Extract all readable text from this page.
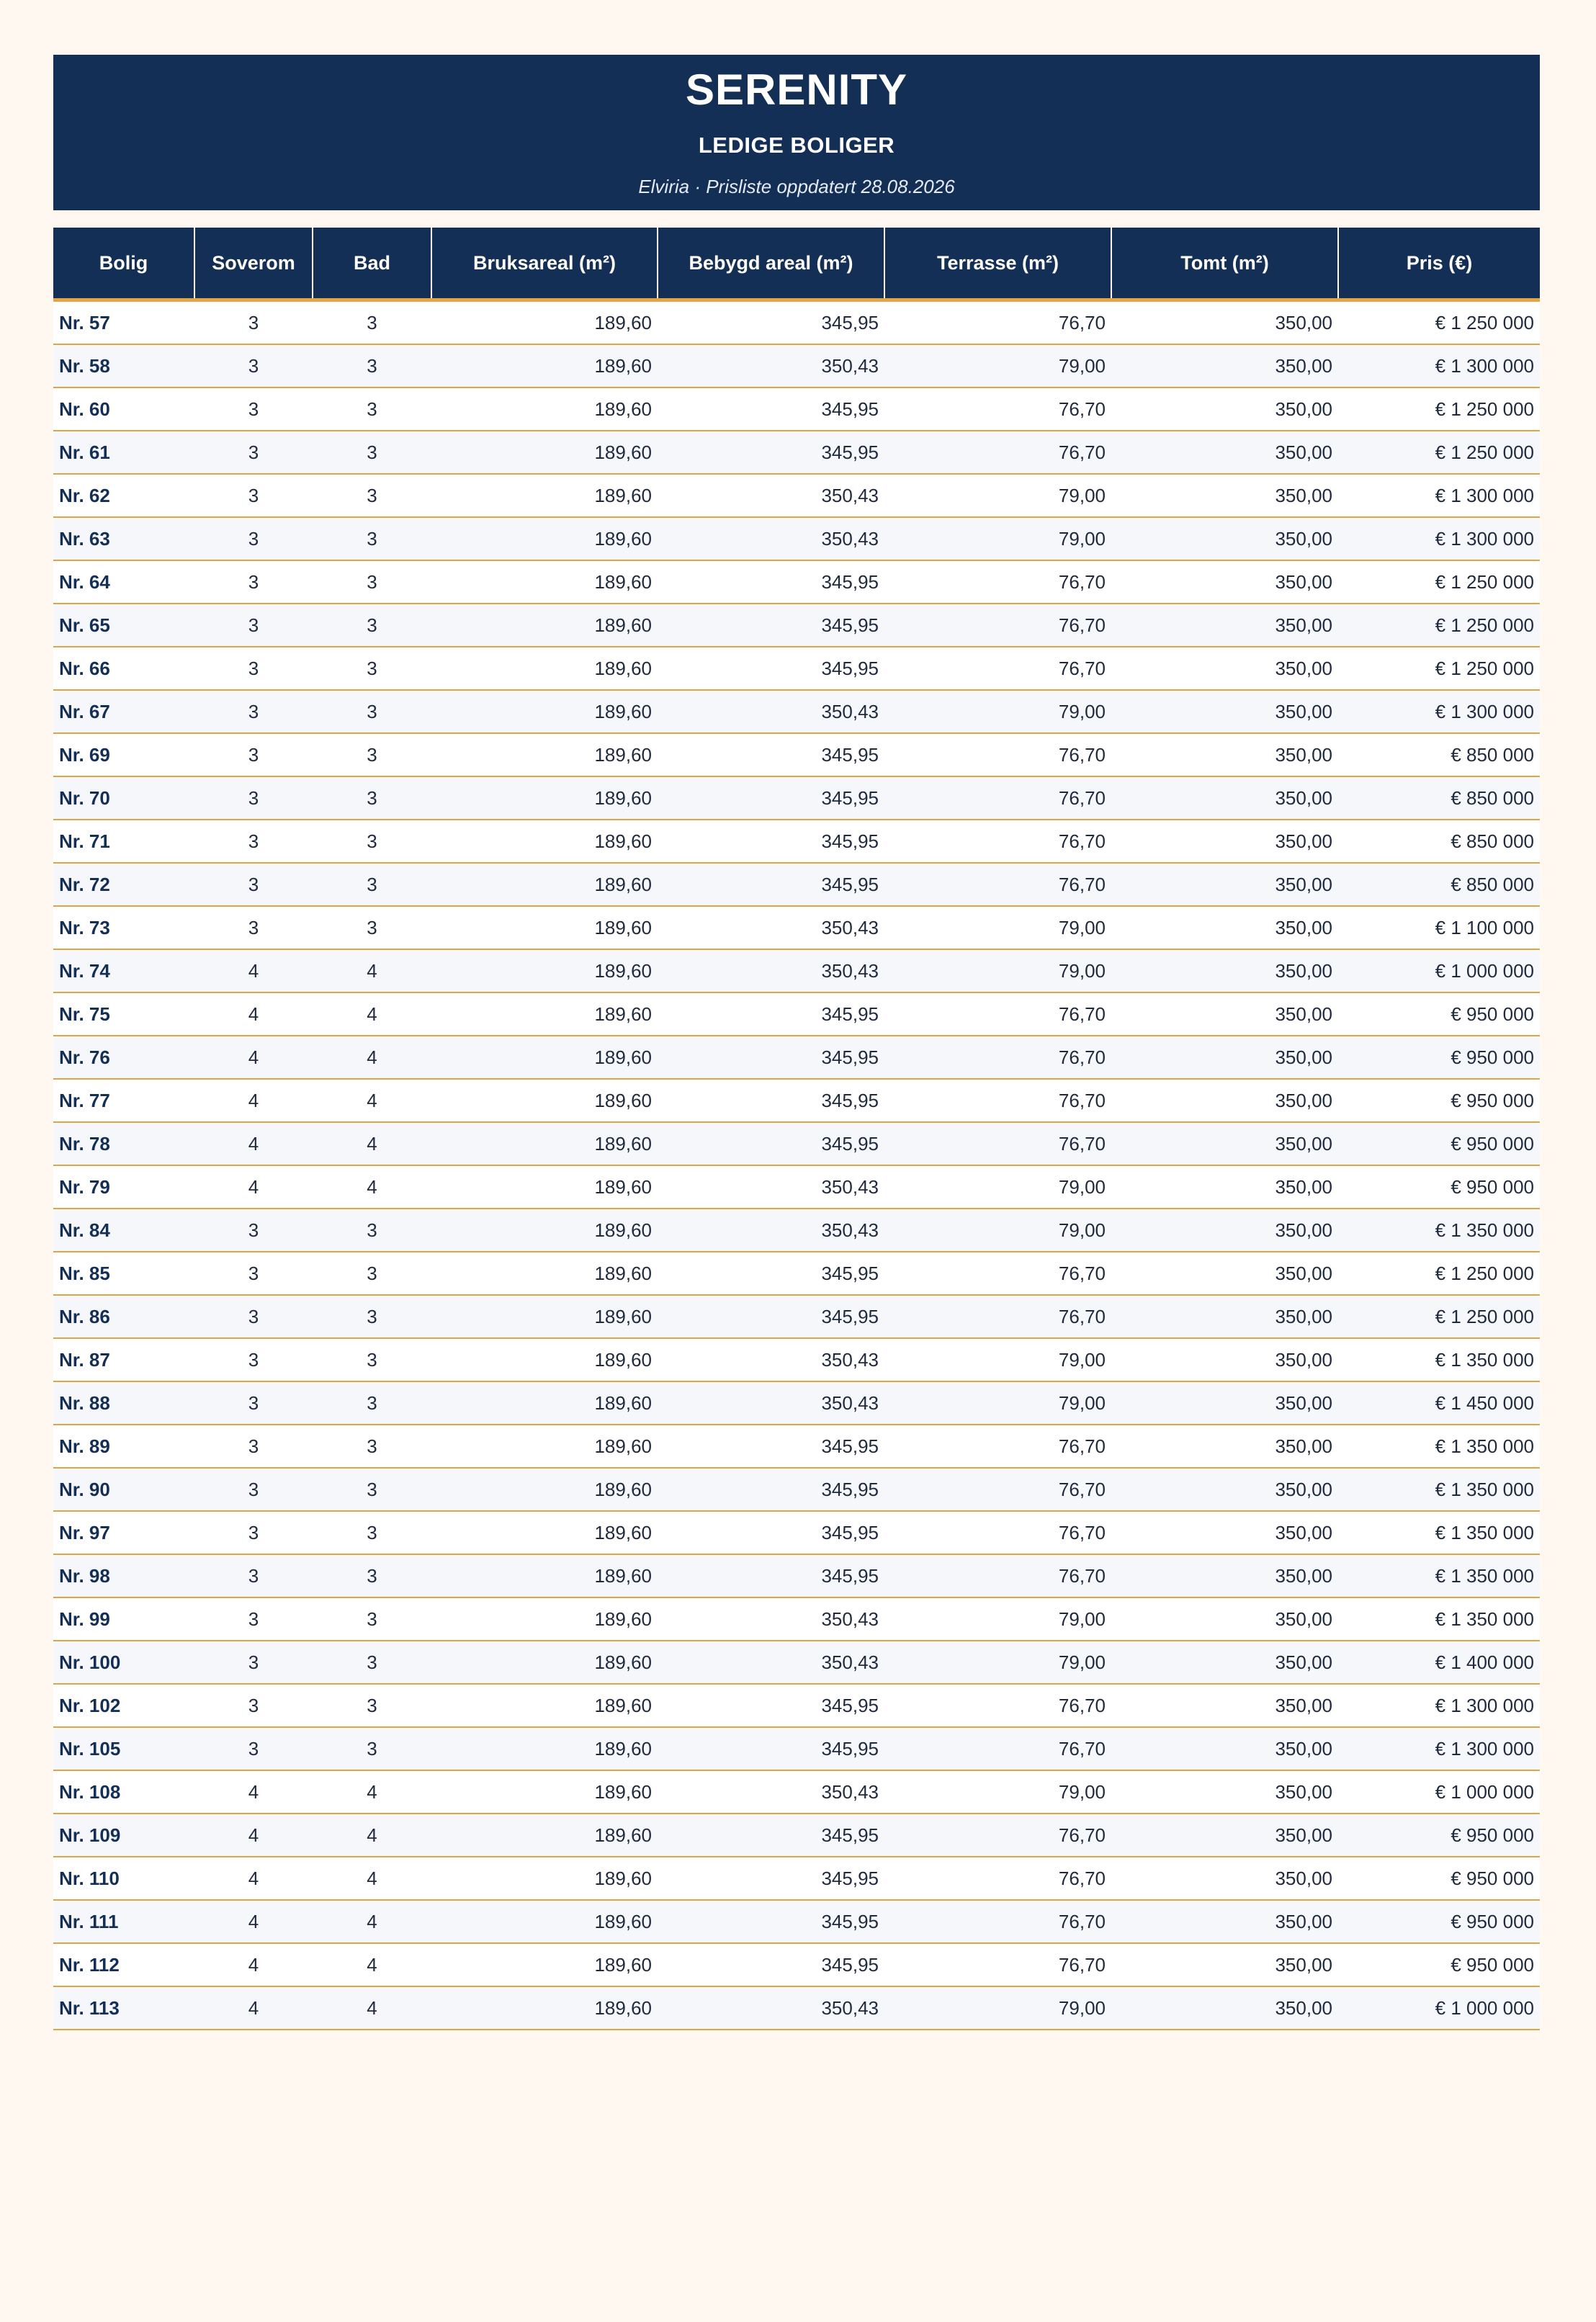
SERENITY
LEDIGE BOLIGER
Elviria · Prisliste oppdatert 28.08.2026
Bolig	Soverom	Bad	Bruksareal (m²)	Bebygd areal (m²)	Terrasse (m²)	Tomt (m²)	Pris (€)
Nr. 57	3	3	189,60	345,95	76,70	350,00	€ 1 250 000
Nr. 58	3	3	189,60	350,43	79,00	350,00	€ 1 300 000
Nr. 60	3	3	189,60	345,95	76,70	350,00	€ 1 250 000
Nr. 61	3	3	189,60	345,95	76,70	350,00	€ 1 250 000
Nr. 62	3	3	189,60	350,43	79,00	350,00	€ 1 300 000
Nr. 63	3	3	189,60	350,43	79,00	350,00	€ 1 300 000
Nr. 64	3	3	189,60	345,95	76,70	350,00	€ 1 250 000
Nr. 65	3	3	189,60	345,95	76,70	350,00	€ 1 250 000
Nr. 66	3	3	189,60	345,95	76,70	350,00	€ 1 250 000
Nr. 67	3	3	189,60	350,43	79,00	350,00	€ 1 300 000
Nr. 69	3	3	189,60	345,95	76,70	350,00	€ 850 000
Nr. 70	3	3	189,60	345,95	76,70	350,00	€ 850 000
Nr. 71	3	3	189,60	345,95	76,70	350,00	€ 850 000
Nr. 72	3	3	189,60	345,95	76,70	350,00	€ 850 000
Nr. 73	3	3	189,60	350,43	79,00	350,00	€ 1 100 000
Nr. 74	4	4	189,60	350,43	79,00	350,00	€ 1 000 000
Nr. 75	4	4	189,60	345,95	76,70	350,00	€ 950 000
Nr. 76	4	4	189,60	345,95	76,70	350,00	€ 950 000
Nr. 77	4	4	189,60	345,95	76,70	350,00	€ 950 000
Nr. 78	4	4	189,60	345,95	76,70	350,00	€ 950 000
Nr. 79	4	4	189,60	350,43	79,00	350,00	€ 950 000
Nr. 84	3	3	189,60	350,43	79,00	350,00	€ 1 350 000
Nr. 85	3	3	189,60	345,95	76,70	350,00	€ 1 250 000
Nr. 86	3	3	189,60	345,95	76,70	350,00	€ 1 250 000
Nr. 87	3	3	189,60	350,43	79,00	350,00	€ 1 350 000
Nr. 88	3	3	189,60	350,43	79,00	350,00	€ 1 450 000
Nr. 89	3	3	189,60	345,95	76,70	350,00	€ 1 350 000
Nr. 90	3	3	189,60	345,95	76,70	350,00	€ 1 350 000
Nr. 97	3	3	189,60	345,95	76,70	350,00	€ 1 350 000
Nr. 98	3	3	189,60	345,95	76,70	350,00	€ 1 350 000
Nr. 99	3	3	189,60	350,43	79,00	350,00	€ 1 350 000
Nr. 100	3	3	189,60	350,43	79,00	350,00	€ 1 400 000
Nr. 102	3	3	189,60	345,95	76,70	350,00	€ 1 300 000
Nr. 105	3	3	189,60	345,95	76,70	350,00	€ 1 300 000
Nr. 108	4	4	189,60	350,43	79,00	350,00	€ 1 000 000
Nr. 109	4	4	189,60	345,95	76,70	350,00	€ 950 000
Nr. 110	4	4	189,60	345,95	76,70	350,00	€ 950 000
Nr. 111	4	4	189,60	345,95	76,70	350,00	€ 950 000
Nr. 112	4	4	189,60	345,95	76,70	350,00	€ 950 000
Nr. 113	4	4	189,60	350,43	79,00	350,00	€ 1 000 000
